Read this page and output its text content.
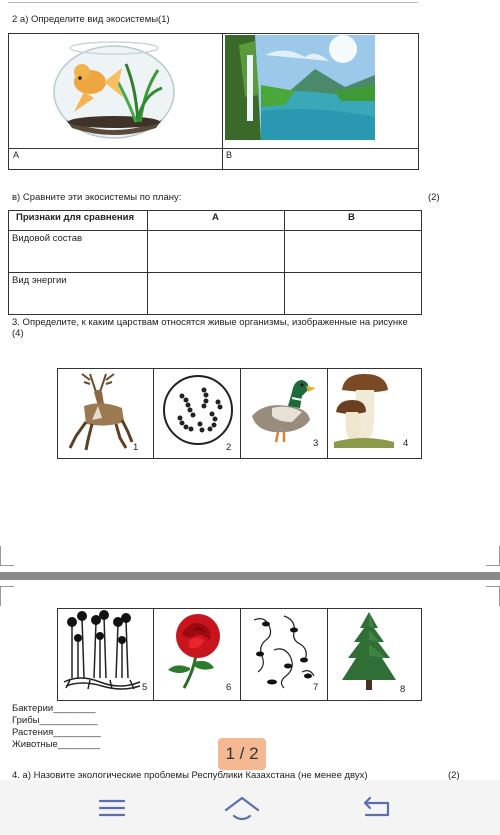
2 а) Определите вид экосистемы(1)
А	В
в) Сравните эти экосистемы по плану:	(2)
Признаки для сравнения	А	В
Видовой состав
Вид энергии
3. Определите, к каким царствам относятся живые организмы, изображенные на рисунке
(4)
1	2	3	4
5	6	7	8
Бактерии________
Грибы___________
Растения_________
Животные________
4. а) Назовите экологические проблемы Республики Казахстана (не менее двух)	(2)
1 / 2
